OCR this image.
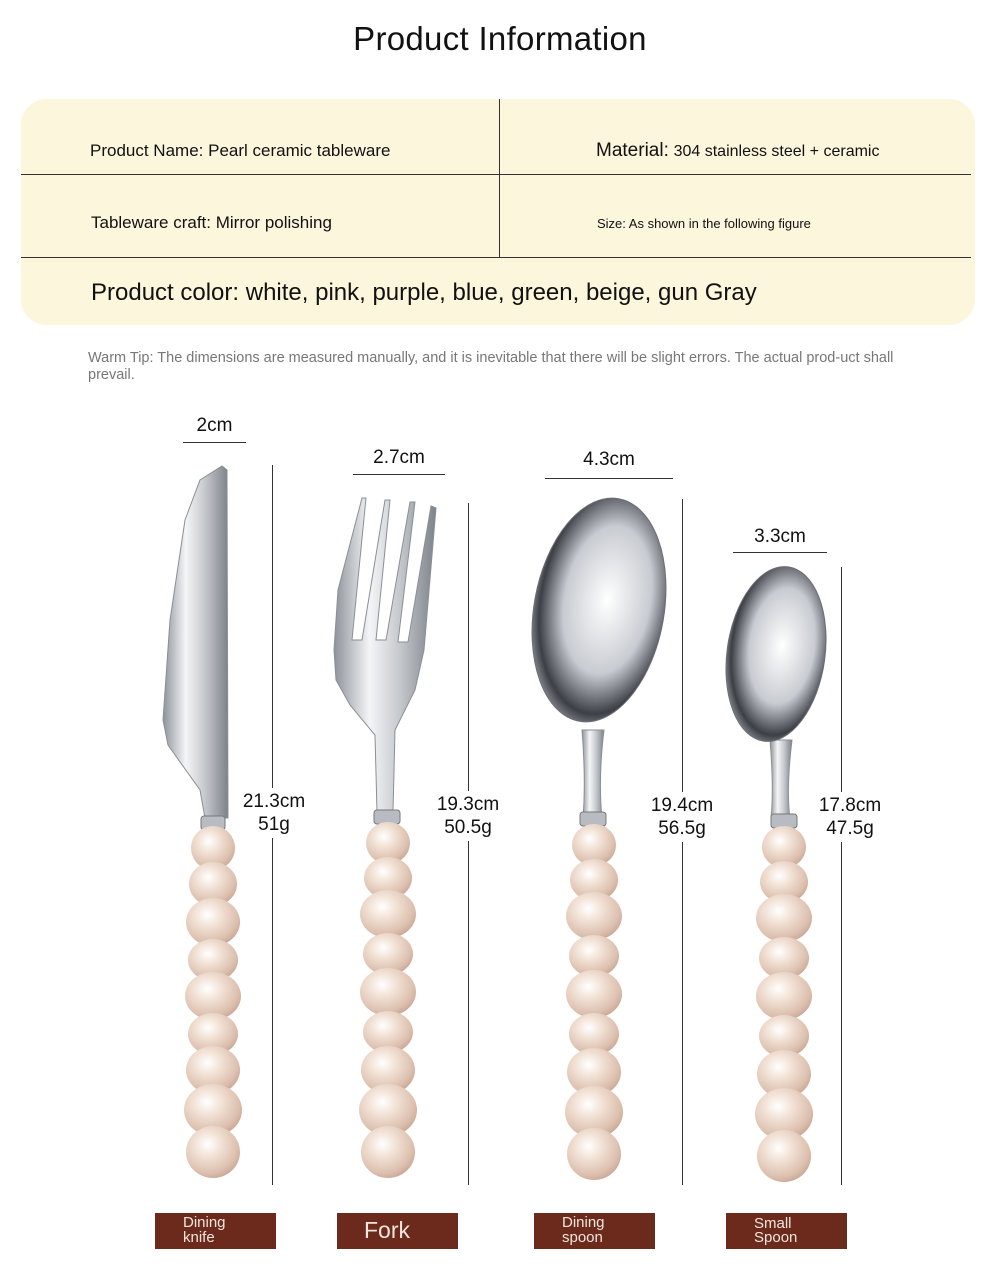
Product Information
Product Name: Pearl ceramic tableware	Material: 304 stainless steel + ceramic
Tableware craft: Mirror polishing	Size: As shown in the following figure
Product color: white, pink, purple, blue, green, beige, gun Gray
Warm Tip: The dimensions are measured manually, and it is inevitable that there will be slight errors. The actual prod-uct shall prevail.
2cm
2.7cm	4.3cm
3.3cm
21.3cm
51g
19.3cm
50.5g
19.4cm
56.5g
17.8cm
47.5g
Dining
knife	Fork	Dining
spoon
Small
Spoon
